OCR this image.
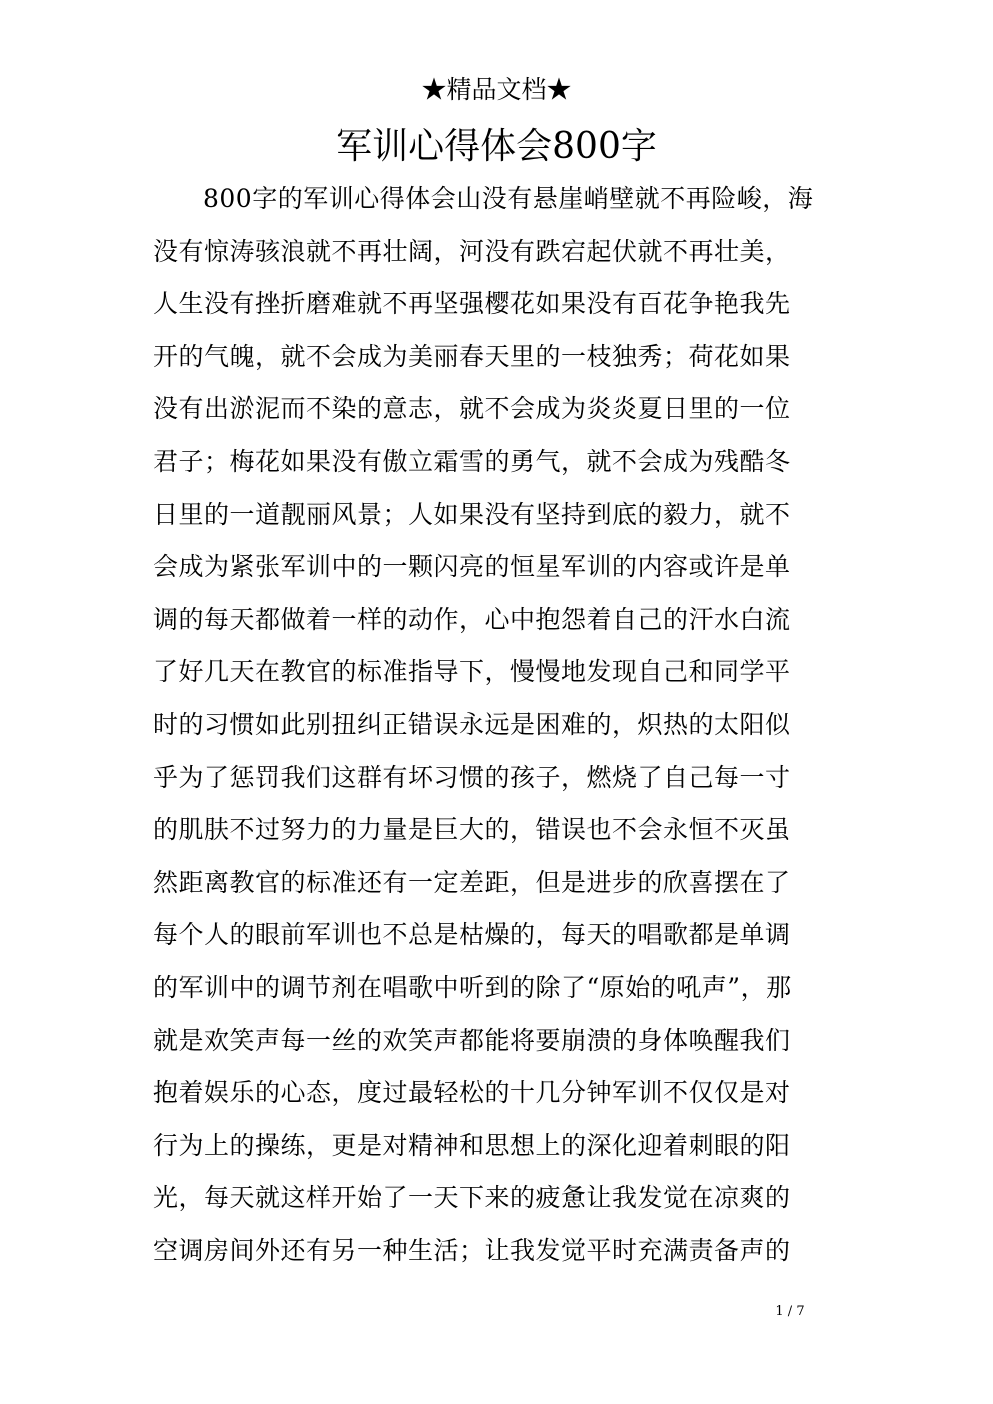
★精品文档★
军训心得体会800字
800字的军训心得体会山没有悬崖峭壁就不再险峻，海
没有惊涛骇浪就不再壮阔，河没有跌宕起伏就不再壮美，
人生没有挫折磨难就不再坚强樱花如果没有百花争艳我先
开的气魄，就不会成为美丽春天里的一枝独秀；荷花如果
没有出淤泥而不染的意志，就不会成为炎炎夏日里的一位
君子；梅花如果没有傲立霜雪的勇气，就不会成为残酷冬
日里的一道靓丽风景；人如果没有坚持到底的毅力，就不
会成为紧张军训中的一颗闪亮的恒星军训的内容或许是单
调的每天都做着一样的动作，心中抱怨着自己的汗水白流
了好几天在教官的标准指导下，慢慢地发现自己和同学平
时的习惯如此别扭纠正错误永远是困难的，炽热的太阳似
乎为了惩罚我们这群有坏习惯的孩子，燃烧了自己每一寸
的肌肤不过努力的力量是巨大的，错误也不会永恒不灭虽
然距离教官的标准还有一定差距，但是进步的欣喜摆在了
每个人的眼前军训也不总是枯燥的，每天的唱歌都是单调
的军训中的调节剂在唱歌中听到的除了“原始的吼声”，那
就是欢笑声每一丝的欢笑声都能将要崩溃的身体唤醒我们
抱着娱乐的心态，度过最轻松的十几分钟军训不仅仅是对
行为上的操练，更是对精神和思想上的深化迎着刺眼的阳
光，每天就这样开始了一天下来的疲惫让我发觉在凉爽的
空调房间外还有另一种生活；让我发觉平时充满责备声的
1 / 7
